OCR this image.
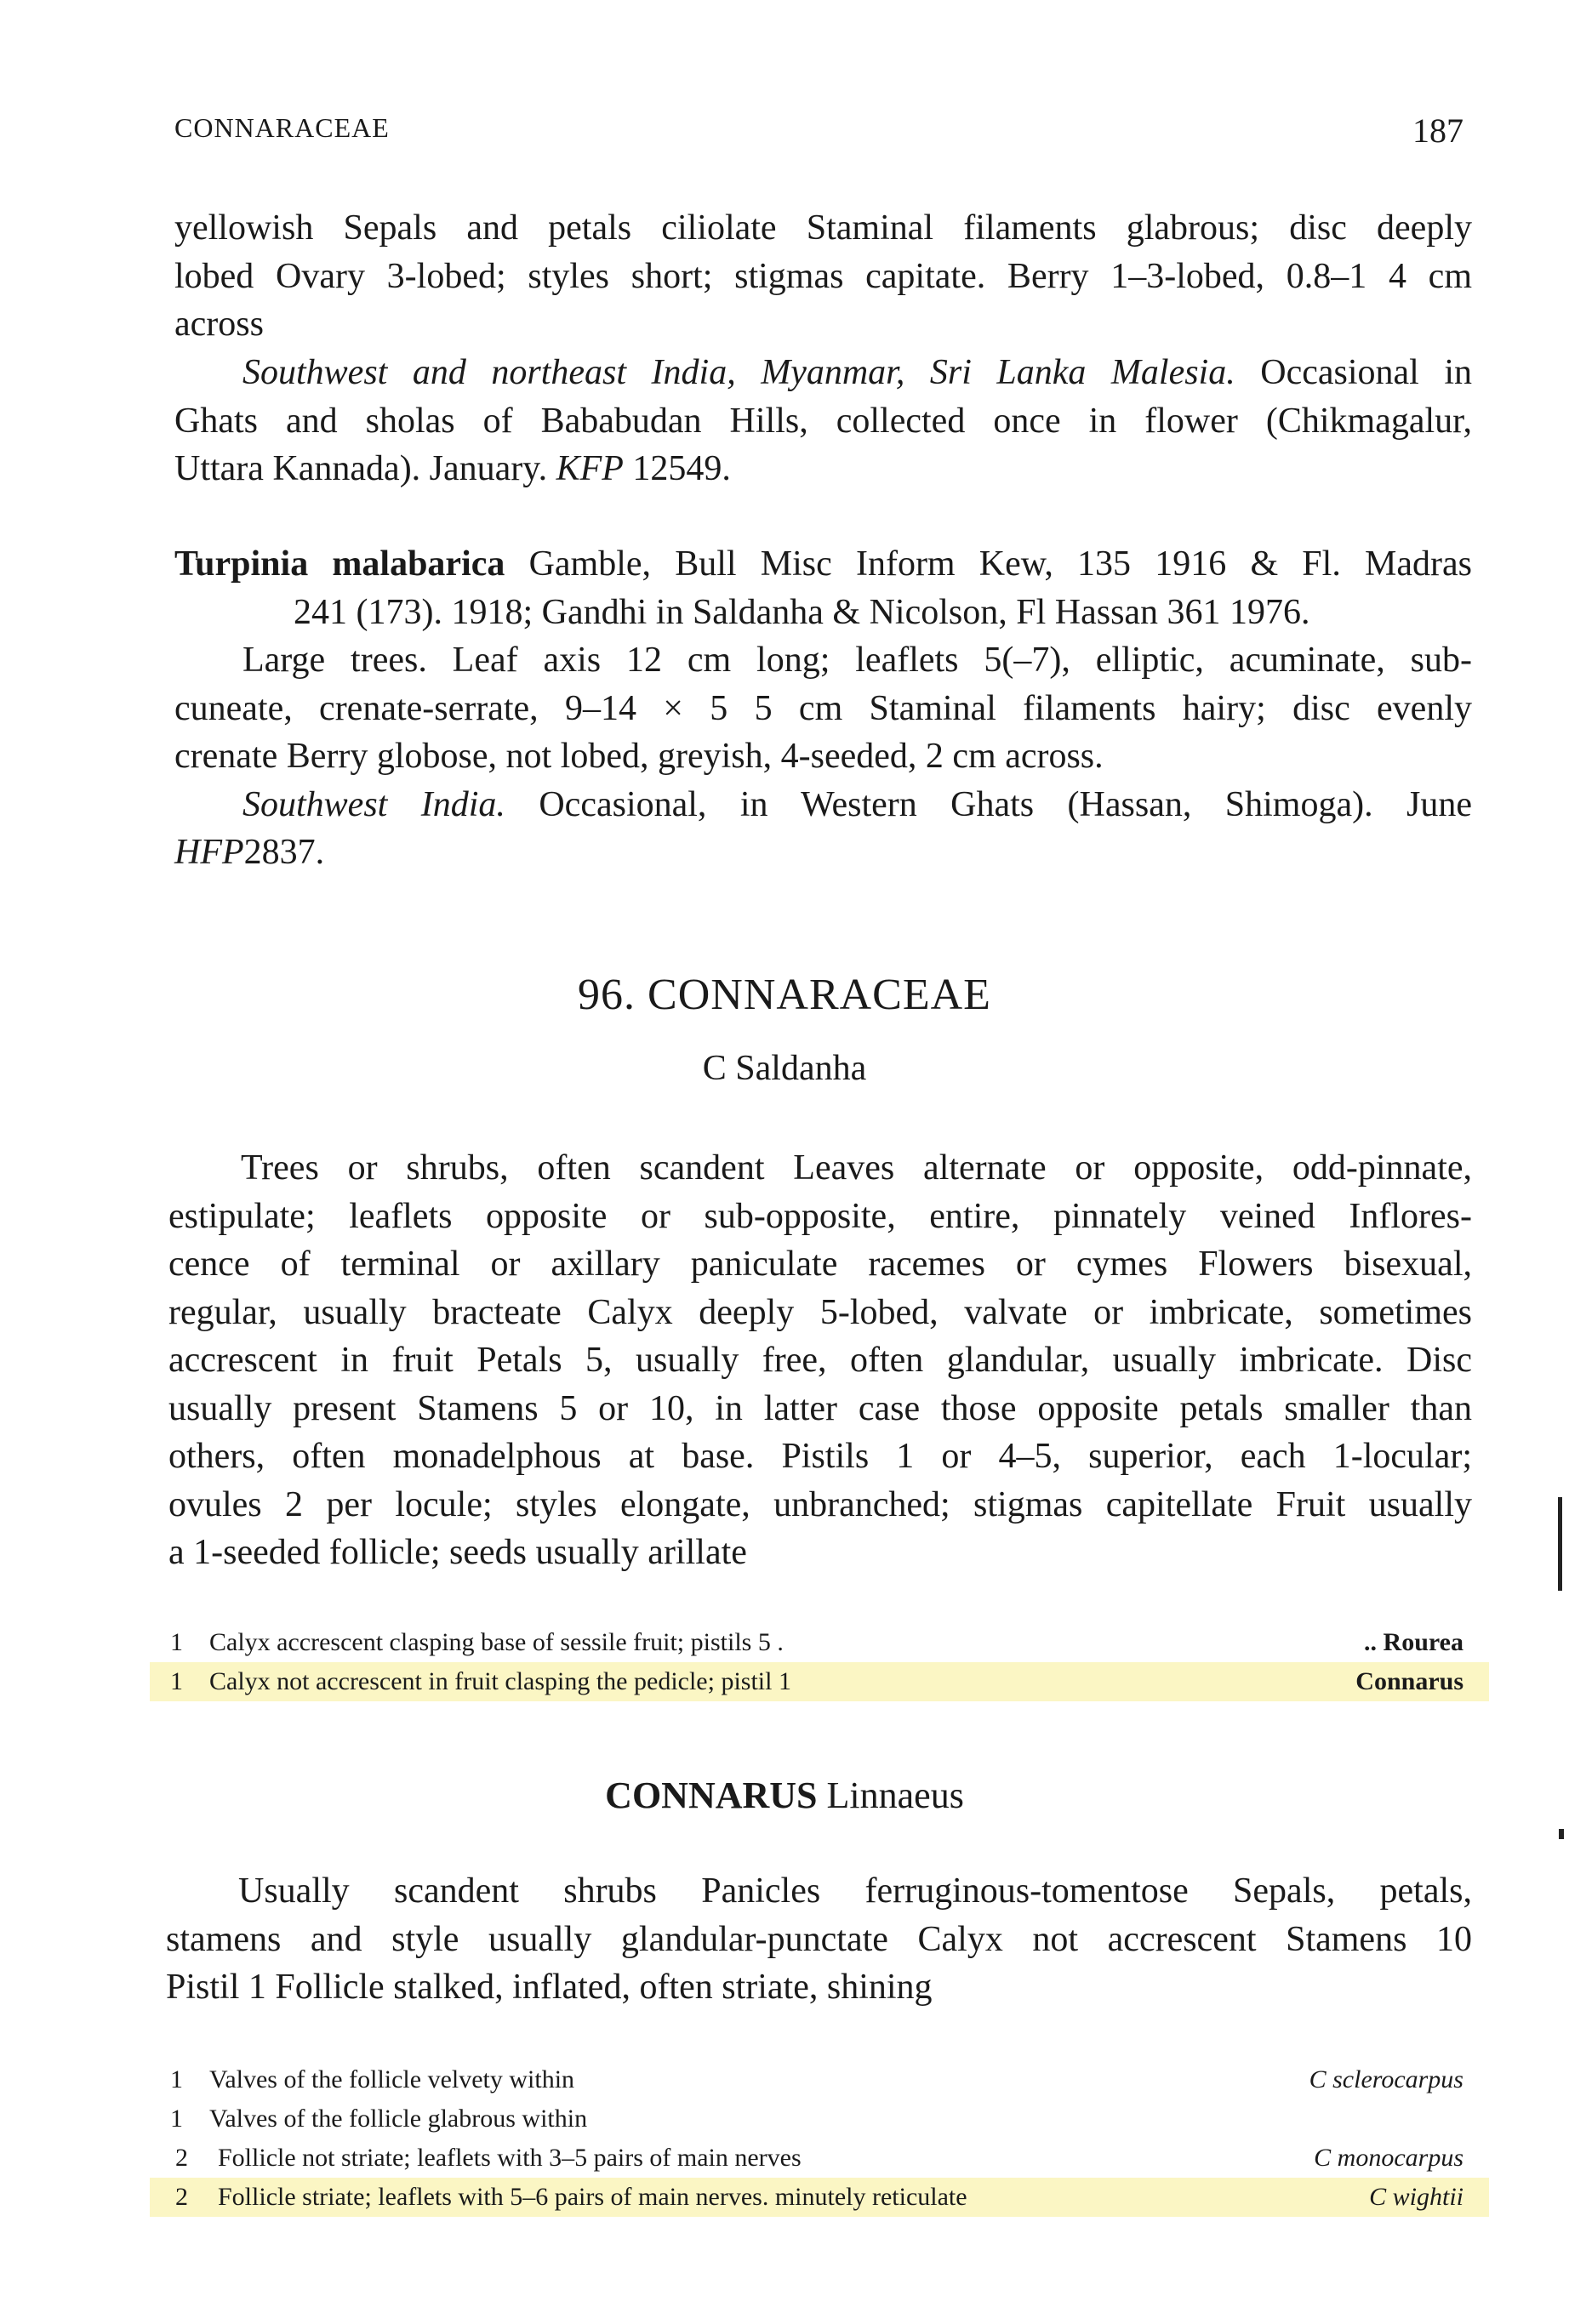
CONNARACEAE	187
yellowish Sepals and petals ciliolate Staminal filaments glabrous; disc deeply
lobed Ovary 3-lobed; styles short; stigmas capitate. Berry 1–3-lobed, 0.8–1 4 cm
across
Southwest and northeast India, Myanmar, Sri Lanka Malesia. Occasional in
Ghats and sholas of Bababudan Hills, collected once in flower (Chikmagalur,
Uttara Kannada). January. KFP 12549.
Turpinia malabarica Gamble, Bull Misc Inform Kew, 135 1916 & Fl. Madras
241 (173). 1918; Gandhi in Saldanha & Nicolson, Fl Hassan 361 1976.
Large trees. Leaf axis 12 cm long; leaflets 5(–7), elliptic, acuminate, sub-
cuneate, crenate-serrate, 9–14 × 5 5 cm Staminal filaments hairy; disc evenly
crenate Berry globose, not lobed, greyish, 4-seeded, 2 cm across.
Southwest India. Occasional, in Western Ghats (Hassan, Shimoga). June
HFP2837.
96. CONNARACEAE
C Saldanha
Trees or shrubs, often scandent Leaves alternate or opposite, odd-pinnate,
estipulate; leaflets opposite or sub-opposite, entire, pinnately veined Inflores-
cence of terminal or axillary paniculate racemes or cymes Flowers bisexual,
regular, usually bracteate Calyx deeply 5-lobed, valvate or imbricate, sometimes
accrescent in fruit Petals 5, usually free, often glandular, usually imbricate. Disc
usually present Stamens 5 or 10, in latter case those opposite petals smaller than
others, often monadelphous at base. Pistils 1 or 4–5, superior, each 1-locular;
ovules 2 per locule; styles elongate, unbranched; stigmas capitellate Fruit usually
a 1-seeded follicle; seeds usually arillate
1 Calyx accrescent clasping base of sessile fruit; pistils 5 .	.. Rourea
1 Calyx not accrescent in fruit clasping the pedicle; pistil 1	Connarus
CONNARUS Linnaeus
Usually scandent shrubs Panicles ferruginous-tomentose Sepals, petals,
stamens and style usually glandular-punctate Calyx not accrescent Stamens 10
Pistil 1 Follicle stalked, inflated, often striate, shining
1 Valves of the follicle velvety within	C sclerocarpus
1 Valves of the follicle glabrous within
2 Follicle not striate; leaflets with 3–5 pairs of main nerves	C monocarpus
2 Follicle striate; leaflets with 5–6 pairs of main nerves. minutely reticulate	C wightii
